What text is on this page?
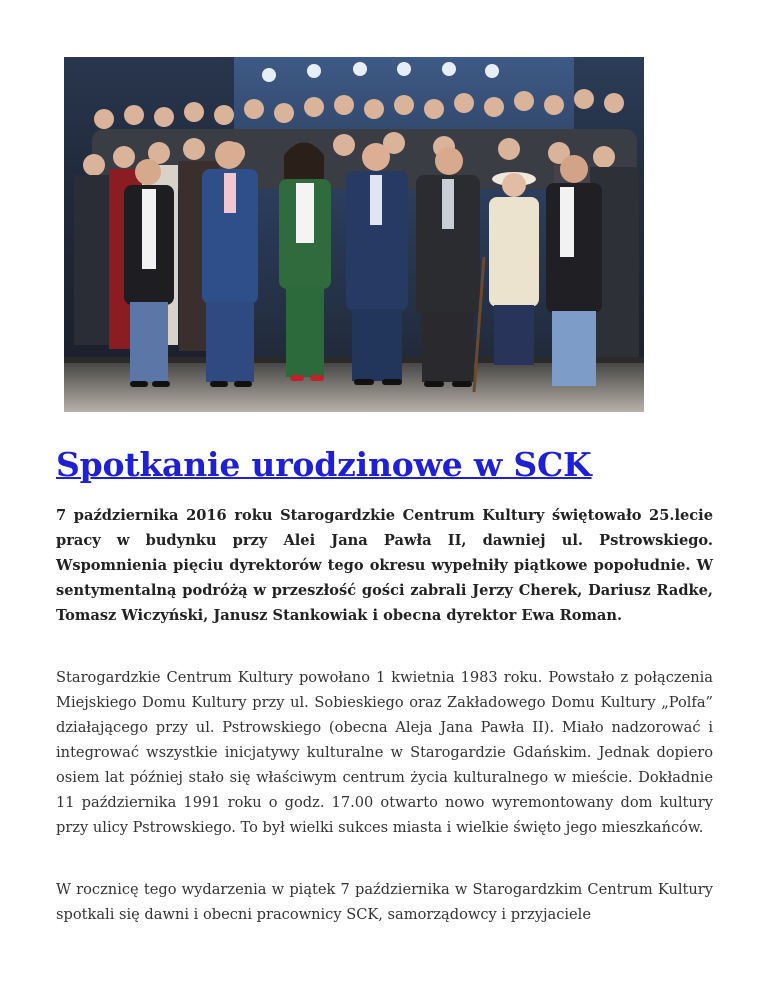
Spotkanie urodzinowe w SCK

7 października 2016 roku Starogardzkie Centrum Kultury świętowało 25.lecie pracy w budynku przy Alei Jana Pawła II, dawniej ul. Pstrowskiego. Wspomnienia pięciu dyrektorów tego okresu wypełniły piątkowe popołudnie. W sentymentalną podróżą w przeszłość gości zabrali Jerzy Cherek, Dariusz Radke, Tomasz Wiczyński, Janusz Stankowiak i obecna dyrektor Ewa Roman.

Starogardzkie Centrum Kultury powołano 1 kwietnia 1983 roku. Powstało z połączenia Miejskiego Domu Kultury przy ul. Sobieskiego oraz Zakładowego Domu Kultury „Polfa” działającego przy ul. Pstrowskiego (obecna Aleja Jana Pawła II). Miało nadzorować i integrować wszystkie inicjatywy kulturalne w Starogardzie Gdańskim. Jednak dopiero osiem lat później stało się właściwym centrum życia kulturalnego w mieście. Dokładnie 11 października 1991 roku o godz. 17.00 otwarto nowo wyremontowany dom kultury przy ulicy Pstrowskiego. To był wielki sukces miasta i wielkie święto jego mieszkańców.

W rocznicę tego wydarzenia w piątek 7 października w Starogardzkim Centrum Kultury spotkali się dawni i obecni pracownicy SCK, samorządowcy i przyjaciele
